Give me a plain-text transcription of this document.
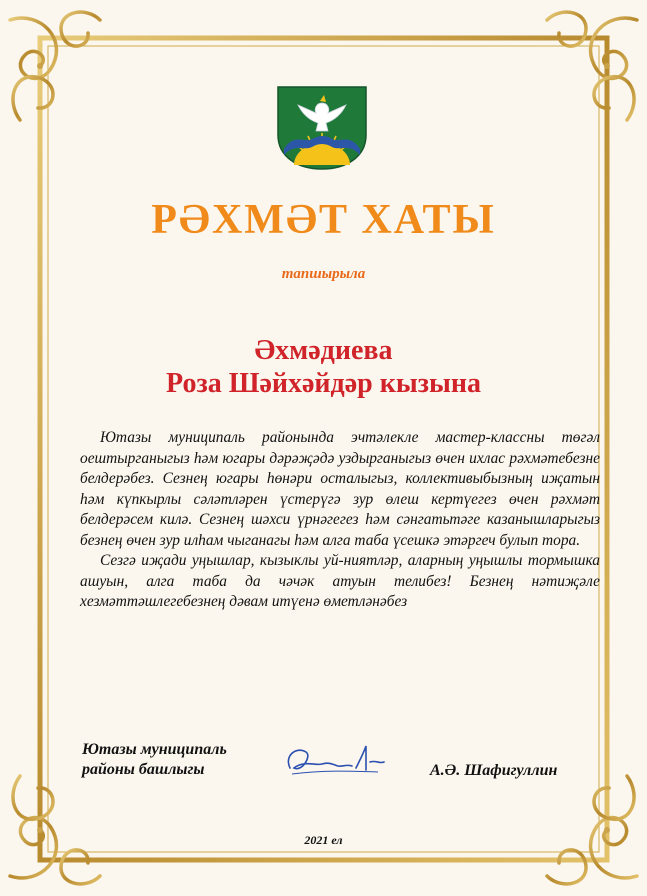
РӘХМӘТ ХАТЫ
тапшырыла
Әхмәдиева
Роза Шәйхәйдәр кызына

Ютазы муниципаль районында эчтәлекле мастер-классны төгәл оештырганыгыз һәм югары дәрәҗәдә уздырганыгыз өчен ихлас рәхмәтебезне белдерәбез. Сезнең югары һөнәри осталыгыз, коллективыбызның иҗатын һәм күпкырлы сәләтләрен үстерүгә зур өлеш кертүегез өчен рәхмәт белдерәсем килә. Сезнең шәхси үрнәгегез һәм сәнгатьтәге казанышларыгыз безнең өчен зур илһам чыганагы һәм алга таба үсешкә этәргеч булып тора.

Сезгә иҗади уңышлар, кызыклы уй-ниятләр, аларның уңышлы тормышка ашуын, алга таба да чәчәк атуын телибез! Безнең нәтиҗәле хезмәттәшлегебезнең дәвам итүенә өметләнәбез

Ютазы муниципаль
районы башлыгы	А.Ә. Шафигуллин
2021 ел
